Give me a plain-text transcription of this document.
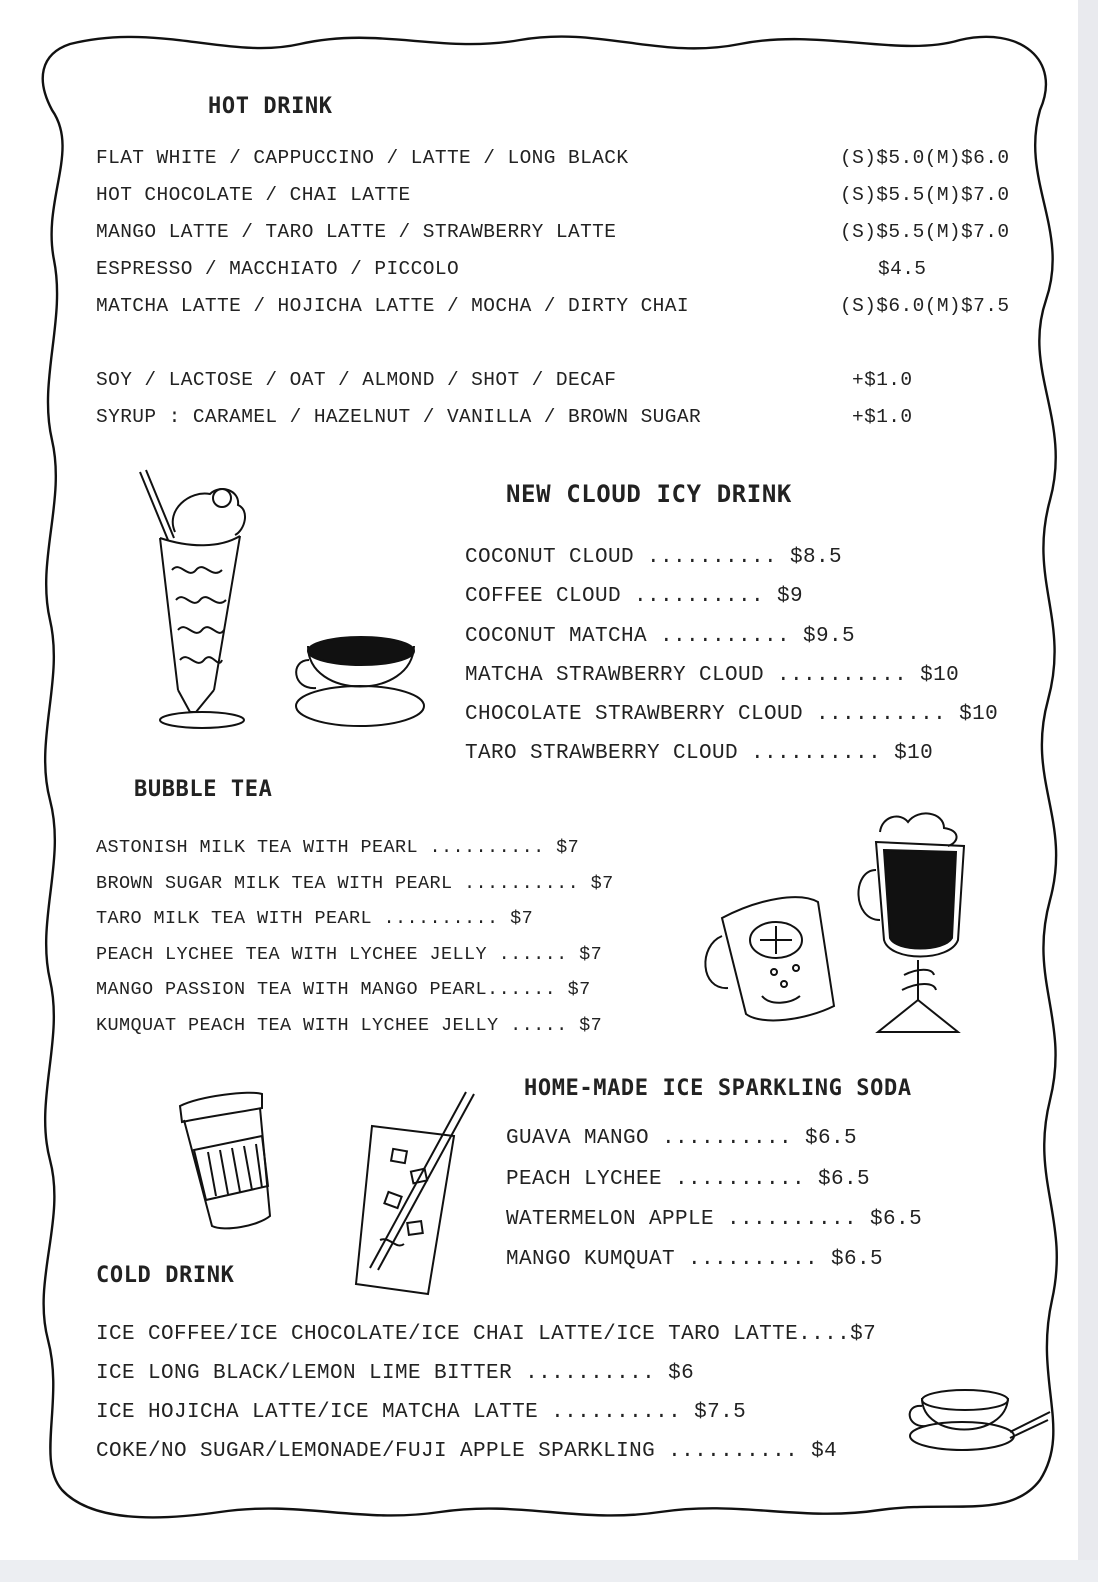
HOT DRINK
FLAT WHITE / CAPPUCCINO / LATTE / LONG BLACK	(S)$5.0(M)$6.0
HOT CHOCOLATE / CHAI LATTE	(S)$5.5(M)$7.0
MANGO LATTE / TARO LATTE / STRAWBERRY LATTE	(S)$5.5(M)$7.0
ESPRESSO / MACCHIATO / PICCOLO	$4.5
MATCHA LATTE / HOJICHA LATTE / MOCHA / DIRTY CHAI	(S)$6.0(M)$7.5
SOY / LACTOSE / OAT / ALMOND / SHOT / DECAF	+$1.0
SYRUP : CARAMEL / HAZELNUT / VANILLA / BROWN SUGAR	+$1.0
NEW CLOUD ICY DRINK
COCONUT CLOUD .......... $8.5
COFFEE CLOUD .......... $9
COCONUT MATCHA .......... $9.5
MATCHA STRAWBERRY CLOUD .......... $10
CHOCOLATE STRAWBERRY CLOUD .......... $10
TARO STRAWBERRY CLOUD .......... $10
BUBBLE TEA
ASTONISH MILK TEA WITH PEARL .......... $7
BROWN SUGAR MILK TEA WITH PEARL .......... $7
TARO MILK TEA WITH PEARL .......... $7
PEACH LYCHEE TEA WITH LYCHEE JELLY ...... $7
MANGO PASSION TEA WITH MANGO PEARL...... $7
KUMQUAT PEACH TEA WITH LYCHEE JELLY ..... $7
HOME-MADE ICE SPARKLING SODA
GUAVA MANGO .......... $6.5
PEACH LYCHEE .......... $6.5
WATERMELON APPLE .......... $6.5
MANGO KUMQUAT .......... $6.5
COLD DRINK
ICE COFFEE/ICE CHOCOLATE/ICE CHAI LATTE/ICE TARO LATTE....$7
ICE LONG BLACK/LEMON LIME BITTER .......... $6
ICE HOJICHA LATTE/ICE MATCHA LATTE .......... $7.5
COKE/NO SUGAR/LEMONADE/FUJI APPLE SPARKLING .......... $4
